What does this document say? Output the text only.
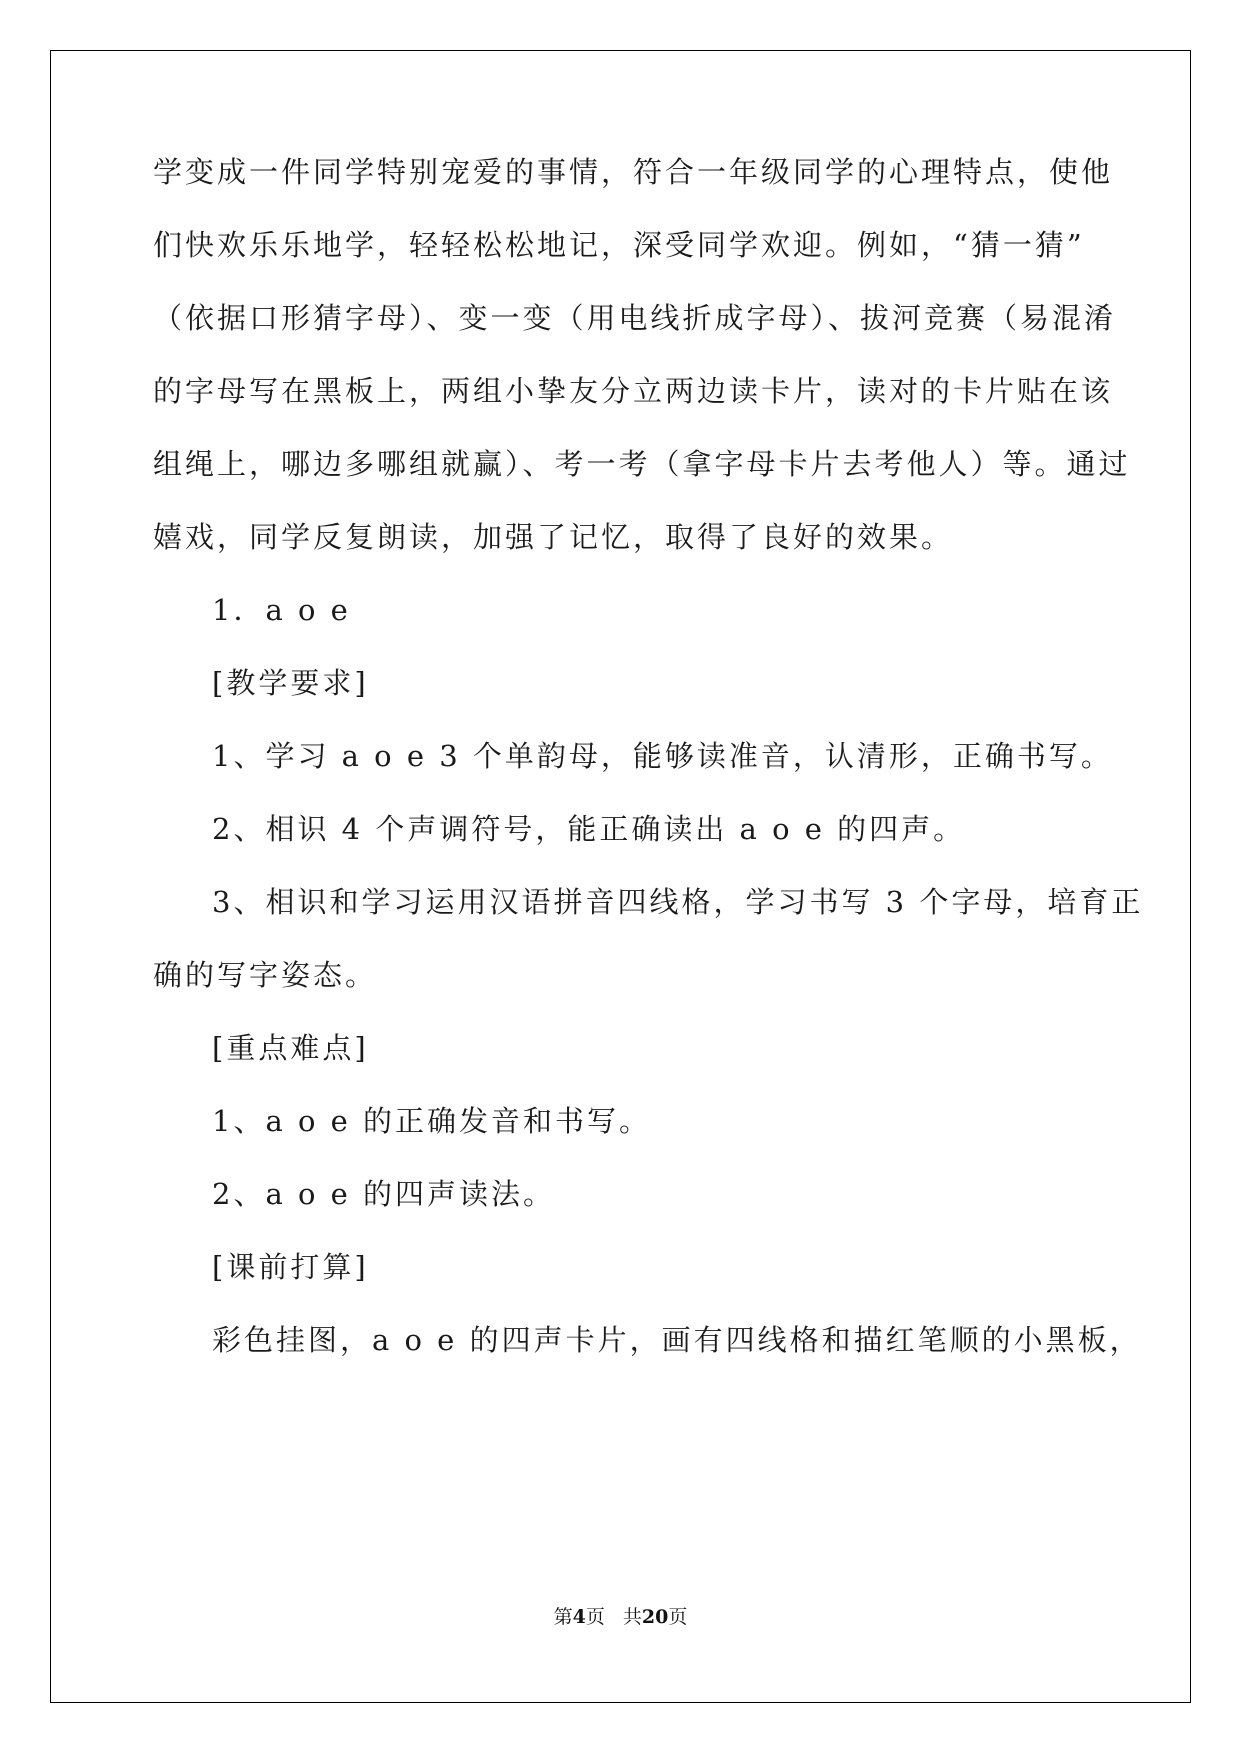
学变成一件同学特别宠爱的事情，符合一年级同学的心理特点，使他

们快欢乐乐地学，轻轻松松地记，深受同学欢迎。例如，“猜一猜”

（依据口形猜字母）、变一变（用电线折成字母）、拔河竞赛（易混淆

的字母写在黑板上，两组小挚友分立两边读卡片，读对的卡片贴在该

组绳上，哪边多哪组就赢）、考一考（拿字母卡片去考他人）等。通过

嬉戏，同学反复朗读，加强了记忆，取得了良好的效果。

1．a o e

[教学要求]

1、学习 a o e 3 个单韵母，能够读准音，认清形，正确书写。

2、相识 4 个声调符号，能正确读出 a o e 的四声。

3、相识和学习运用汉语拼音四线格，学习书写 3 个字母，培育正

确的写字姿态。

[重点难点]

1、a o e 的正确发音和书写。

2、a o e 的四声读法。

[课前打算]

彩色挂图，a o e 的四声卡片，画有四线格和描红笔顺的小黑板，

第4页 共20页
